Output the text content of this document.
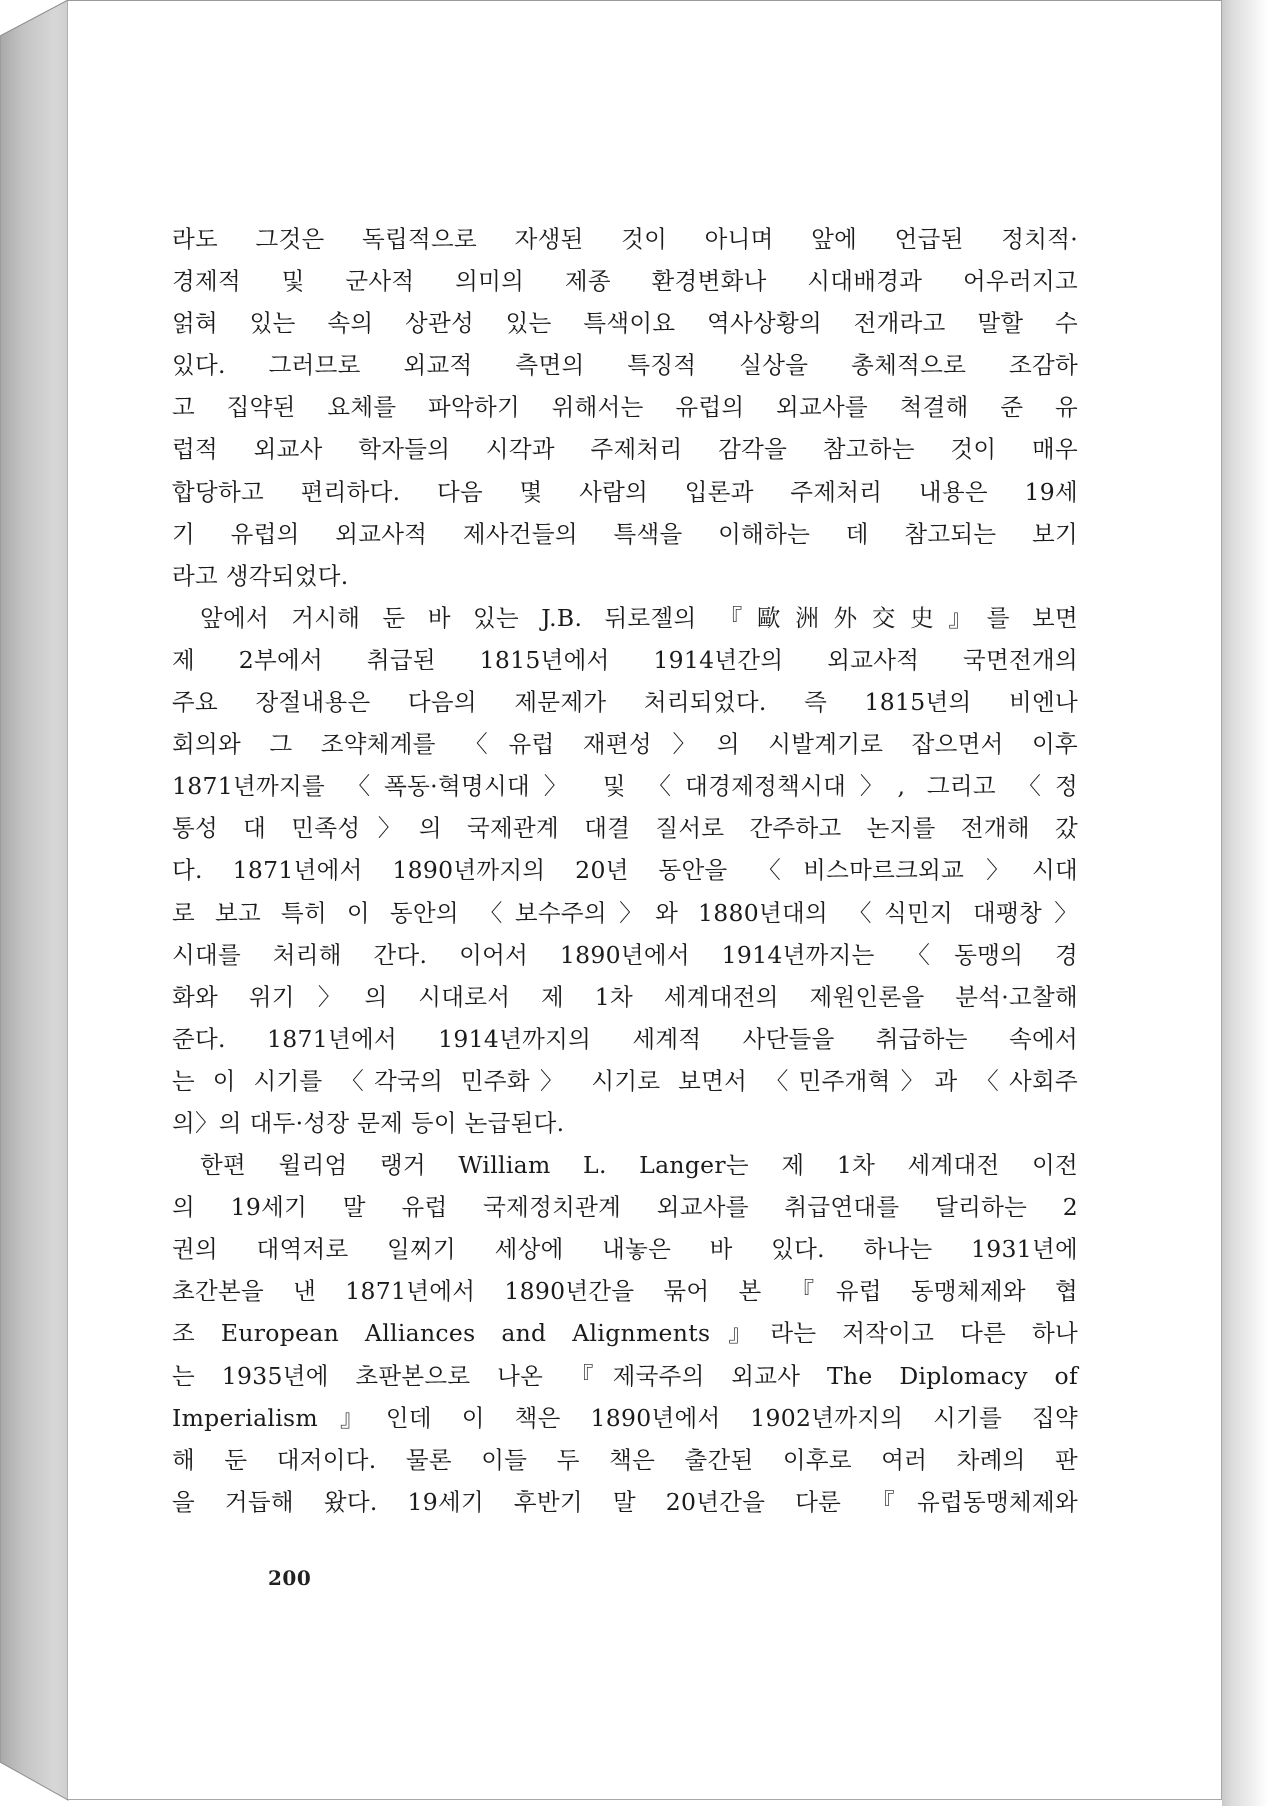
라도 그것은 독립적으로 자생된 것이 아니며 앞에 언급된 정치적·
경제적 및 군사적 의미의 제종 환경변화나 시대배경과 어우러지고
얽혀 있는 속의 상관성 있는 특색이요 역사상황의 전개라고 말할 수
있다. 그러므로 외교적 측면의 특징적 실상을 총체적으로 조감하
고 집약된 요체를 파악하기 위해서는 유럽의 외교사를 척결해 준 유
럽적 외교사 학자들의 시각과 주제처리 감각을 참고하는 것이 매우
합당하고 편리하다. 다음 몇 사람의 입론과 주제처리 내용은 19세
기 유럽의 외교사적 제사건들의 특색을 이해하는 데 참고되는 보기
라고 생각되었다.
앞에서 거시해 둔 바 있는 J.B. 뒤로젤의 『歐洲外交史』를 보면
제 2부에서 취급된 1815년에서 1914년간의 외교사적 국면전개의
주요 장절내용은 다음의 제문제가 처리되었다. 즉 1815년의 비엔나
회의와 그 조약체계를 〈유럽 재편성〉의 시발계기로 잡으면서 이후
1871년까지를 〈폭동·혁명시대〉 및 〈대경제정책시대〉, 그리고 〈정
통성 대 민족성〉의 국제관계 대결 질서로 간주하고 논지를 전개해 갔
다. 1871년에서 1890년까지의 20년 동안을 〈비스마르크외교〉시대
로 보고 특히 이 동안의 〈보수주의〉와 1880년대의 〈식민지 대팽창〉
시대를 처리해 간다. 이어서 1890년에서 1914년까지는 〈동맹의 경
화와 위기〉의 시대로서 제 1차 세계대전의 제원인론을 분석·고찰해
준다. 1871년에서 1914년까지의 세계적 사단들을 취급하는 속에서
는 이 시기를 〈각국의 민주화〉 시기로 보면서 〈민주개혁〉과 〈사회주
의〉의 대두·성장 문제 등이 논급된다.
한편 윌리엄 랭거 William L. Langer는 제 1차 세계대전 이전
의 19세기 말 유럽 국제정치관계 외교사를 취급연대를 달리하는 2
권의 대역저로 일찌기 세상에 내놓은 바 있다. 하나는 1931년에
초간본을 낸 1871년에서 1890년간을 묶어 본 『유럽 동맹체제와 협
조 European Alliances and Alignments』라는 저작이고 다른 하나
는 1935년에 초판본으로 나온 『제국주의 외교사 The Diplomacy of
Imperialism』인데 이 책은 1890년에서 1902년까지의 시기를 집약
해 둔 대저이다. 물론 이들 두 책은 출간된 이후로 여러 차례의 판
을 거듭해 왔다. 19세기 후반기 말 20년간을 다룬 『유럽동맹체제와
200
